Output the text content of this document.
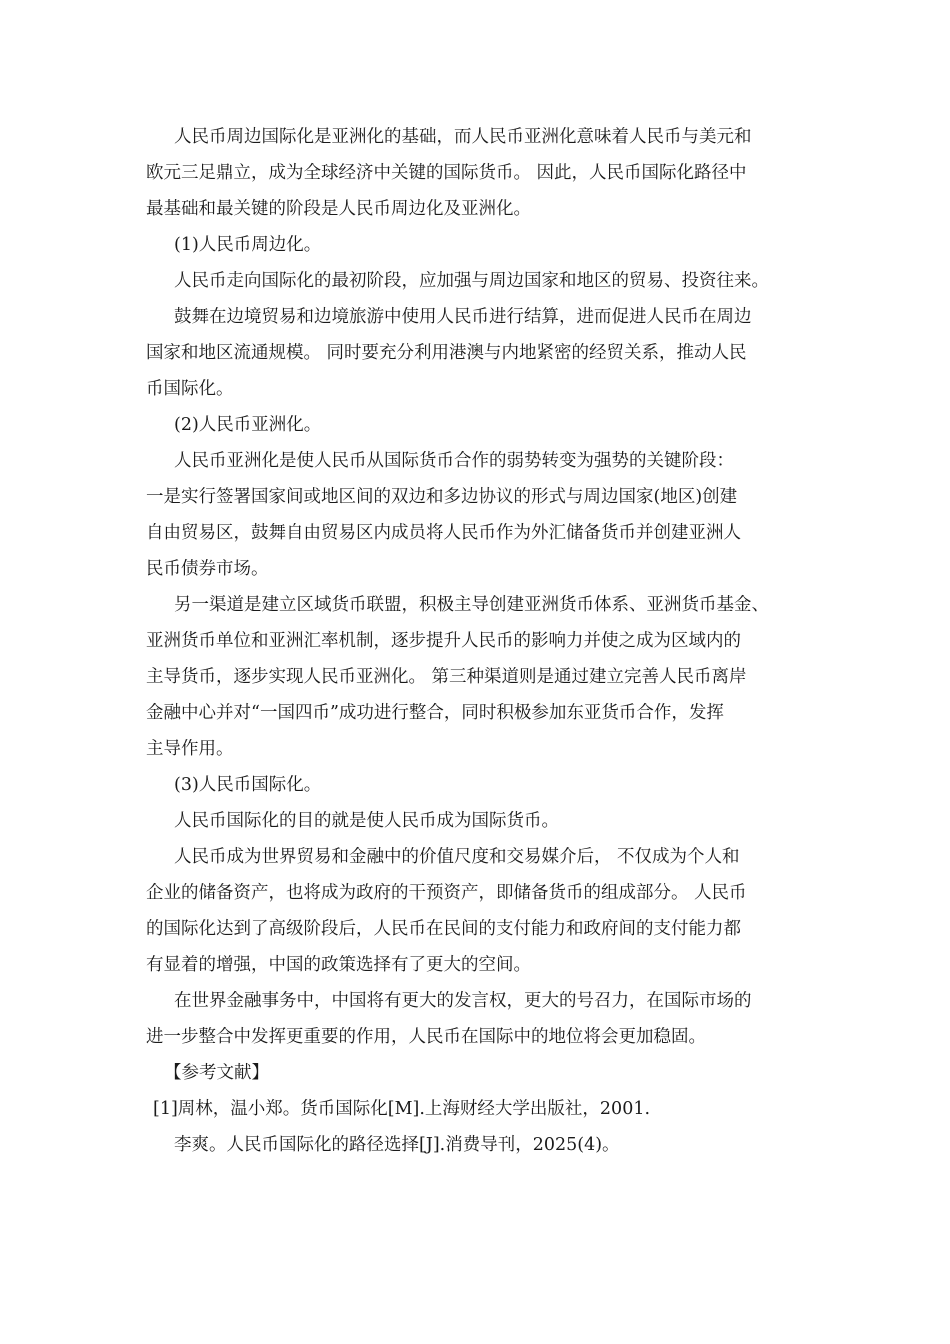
人民币周边国际化是亚洲化的基础，而人民币亚洲化意味着人民币与美元和
欧元三足鼎立，成为全球经济中关键的国际货币。 因此，人民币国际化路径中
最基础和最关键的阶段是人民币周边化及亚洲化。
(1)人民币周边化。
人民币走向国际化的最初阶段，应加强与周边国家和地区的贸易、投资往来。
鼓舞在边境贸易和边境旅游中使用人民币进行结算，进而促进人民币在周边
国家和地区流通规模。 同时要充分利用港澳与内地紧密的经贸关系，推动人民
币国际化。
(2)人民币亚洲化。
人民币亚洲化是使人民币从国际货币合作的弱势转变为强势的关键阶段：
一是实行签署国家间或地区间的双边和多边协议的形式与周边国家(地区)创建
自由贸易区，鼓舞自由贸易区内成员将人民币作为外汇储备货币并创建亚洲人
民币债券市场。
另一渠道是建立区域货币联盟，积极主导创建亚洲货币体系、亚洲货币基金、
亚洲货币单位和亚洲汇率机制，逐步提升人民币的影响力并使之成为区域内的
主导货币，逐步实现人民币亚洲化。 第三种渠道则是通过建立完善人民币离岸
金融中心并对“一国四币”成功进行整合，同时积极参加东亚货币合作，发挥
主导作用。
(3)人民币国际化。
人民币国际化的目的就是使人民币成为国际货币。
人民币成为世界贸易和金融中的价值尺度和交易媒介后， 不仅成为个人和
企业的储备资产，也将成为政府的干预资产，即储备货币的组成部分。 人民币
的国际化达到了高级阶段后，人民币在民间的支付能力和政府间的支付能力都
有显着的增强，中国的政策选择有了更大的空间。
在世界金融事务中，中国将有更大的发言权，更大的号召力，在国际市场的
进一步整合中发挥更重要的作用，人民币在国际中的地位将会更加稳固。
【参考文献】
[1]周林，温小郑。货币国际化[M].上海财经大学出版社，2001.
李爽。人民币国际化的路径选择[J].消费导刊，2025(4)。
